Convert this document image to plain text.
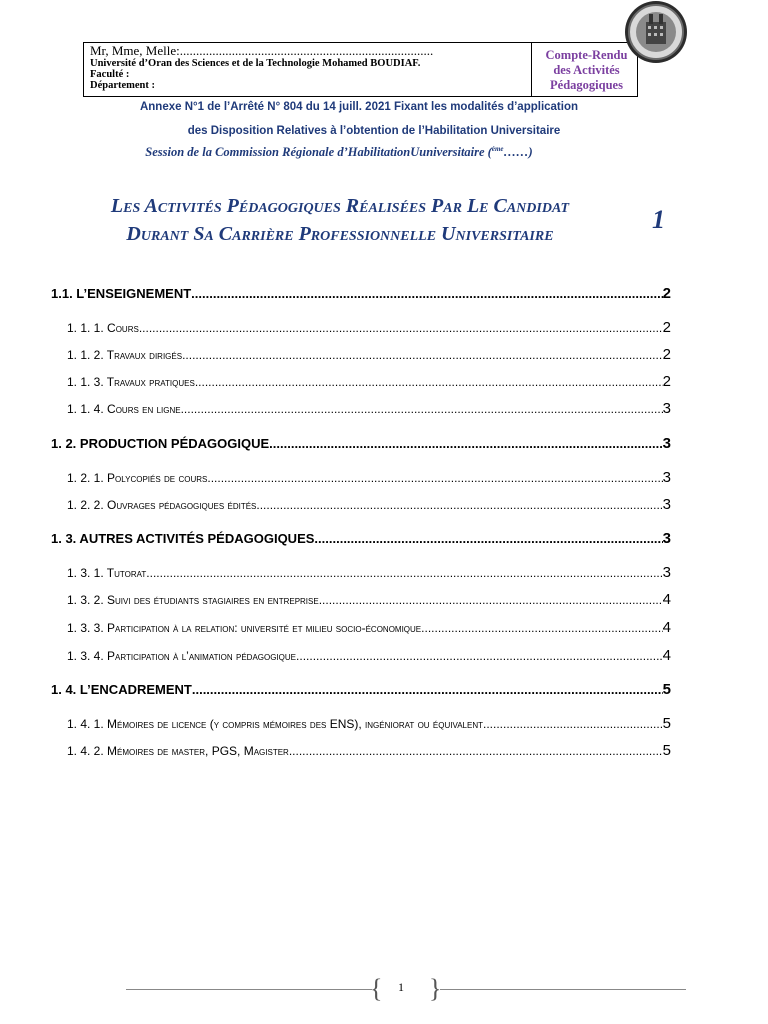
Mr, Mme, Melle:..............................................................................
Université d’Oran des Sciences et de la Technologie Mohamed BOUDIAF.
Faculté :
Département :
Compte-Rendu
des Activités
Pédagogiques
Annexe N°1 de l’Arrêté N° 804 du 14 juill. 2021 Fixant les modalités d’application
des Disposition Relatives à l’obtention de l’Habilitation Universitaire
Session de la Commission Régionale d’HabilitationUuniversitaire ($^{ème}$……)
Les Activités Pédagogiques Réalisées Par Le Candidat
Durant Sa Carrière Professionnelle Universitaire	1
1.1. L’ENSEIGNEMENT .....	2
1. 1. 1. Cours .....	2
1. 1. 2. Travaux dirigés .....	2
1. 1. 3. Travaux pratiques .....	2
1. 1. 4. Cours en ligne .....	3
1. 2. PRODUCTION PÉDAGOGIQUE .....	3
1. 2. 1. Polycopiés de cours .....	3
1. 2. 2. Ouvrages pédagogiques édités .....	3
1. 3. AUTRES ACTIVITÉS PÉDAGOGIQUES .....	3
1. 3. 1. Tutorat .....	3
1. 3. 2. Suivi des étudiants stagiaires en entreprise .....	4
1. 3. 3. Participation à la relation: université et milieu socio-économique .....	4
1. 3. 4. Participation à l’animation pédagogique .....	4
1. 4. L’ENCADREMENT .....	5
1. 4. 1. Mémoires de licence (y compris mémoires des ENS), ingéniorat ou équivalent .....	5
1. 4. 2. Mémoires de master, PGS, Magister .....	5
{ 1 }
